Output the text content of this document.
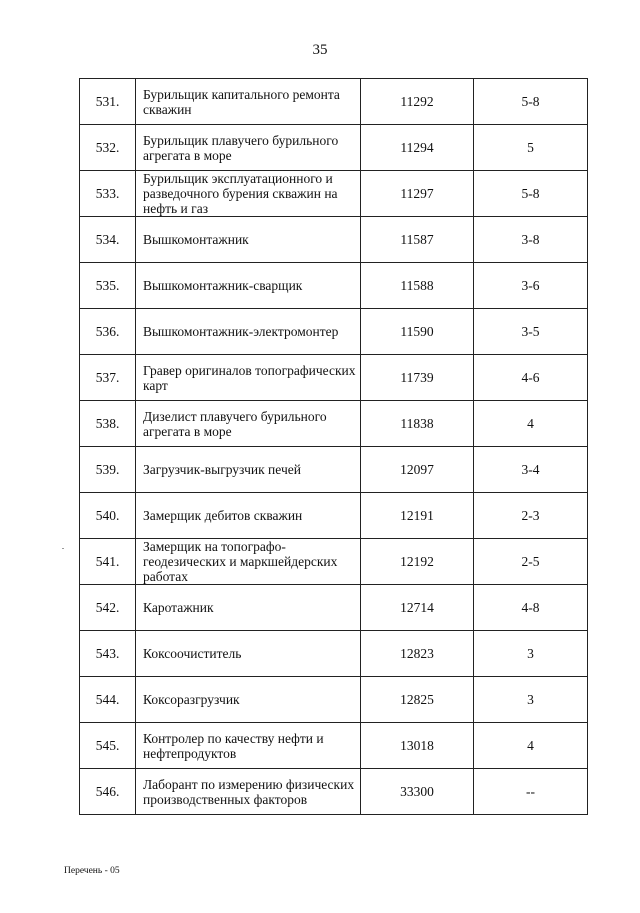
35
531.	Бурильщик капитального ремонта скважин	11292	5-8
532.	Бурильщик плавучего бурильного агрегата в море	11294	5
533.	Бурильщик эксплуатационного и разведочного бурения скважин на нефть и газ	11297	5-8
534.	Вышкомонтажник	11587	3-8
535.	Вышкомонтажник-сварщик	11588	3-6
536.	Вышкомонтажник-электромонтер	11590	3-5
537.	Гравер оригиналов топографических карт	11739	4-6
538.	Дизелист плавучего бурильного агрегата в море	11838	4
539.	Загрузчик-выгрузчик печей	12097	3-4
540.	Замерщик дебитов скважин	12191	2-3
541.	Замерщик на топографо-геодезических и маркшейдерских работах	12192	2-5
542.	Каротажник	12714	4-8
543.	Коксоочиститель	12823	3
544.	Коксоразгрузчик	12825	3
545.	Контролер по качеству нефти и нефтепродуктов	13018	4
546.	Лаборант по измерению физических производственных факторов	33300	--
Перечень - 05
